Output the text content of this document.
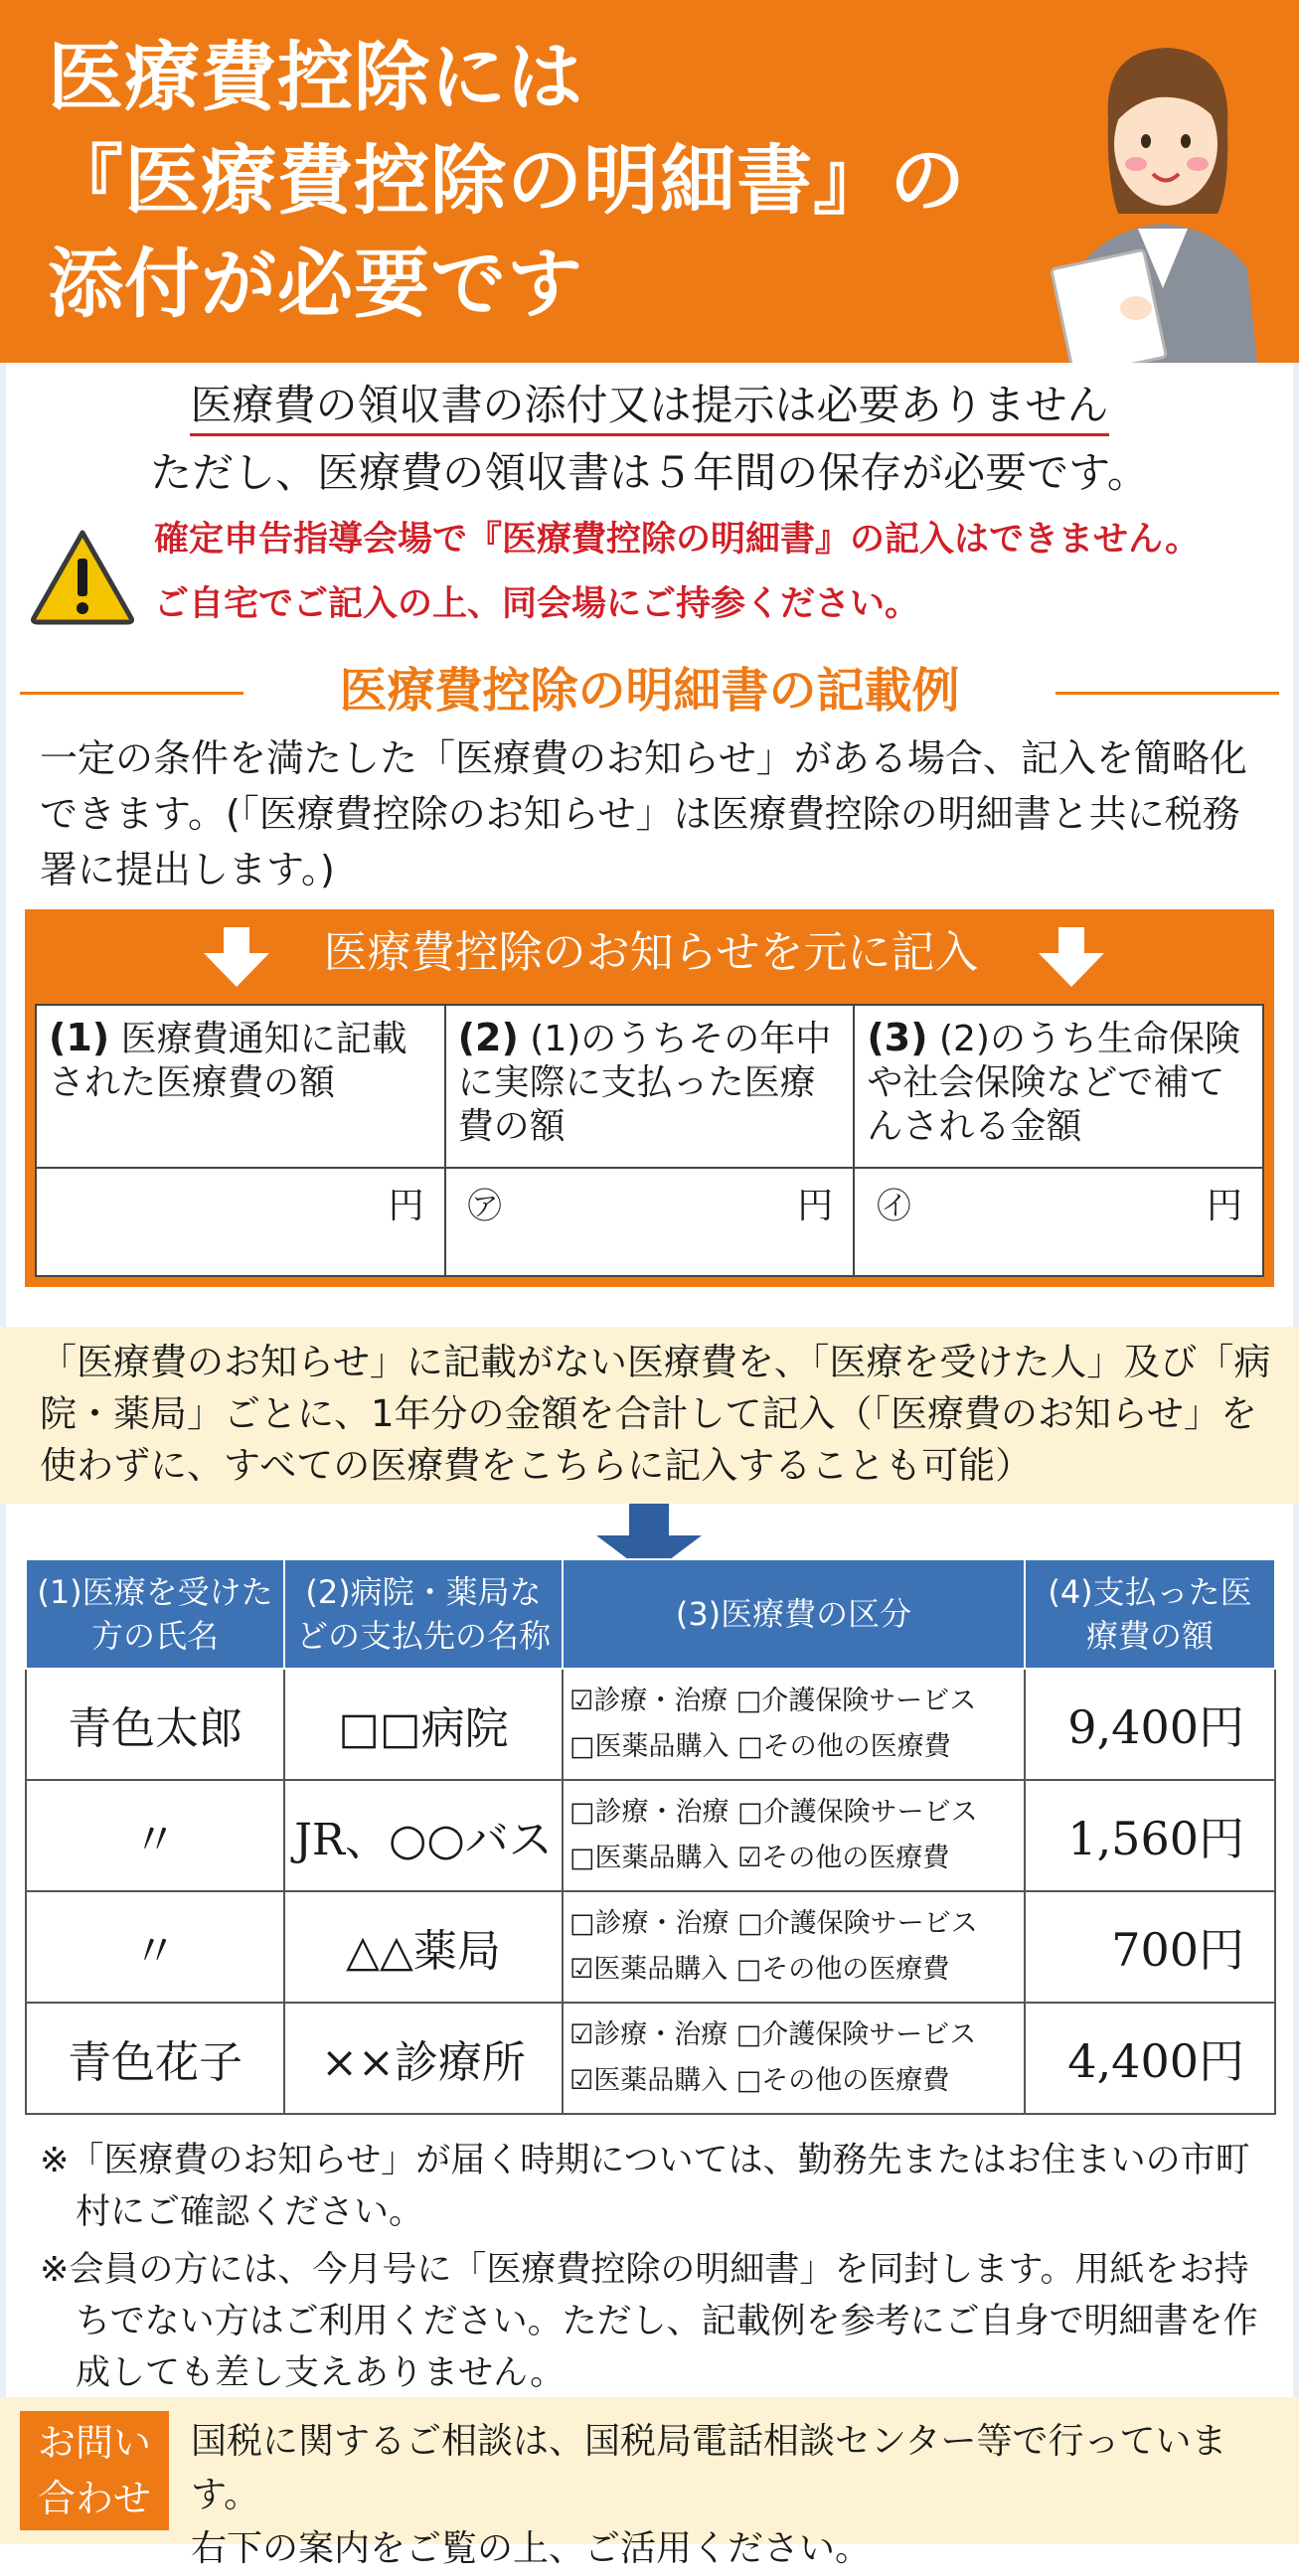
医療費控除には
『医療費控除の明細書』の
添付が必要です
医療費の領収書の添付又は提示は必要ありません
ただし、医療費の領収書は５年間の保存が必要です。
確定申告指導会場で『医療費控除の明細書』の記入はできません。
ご自宅でご記入の上、同会場にご持参ください。
医療費控除の明細書の記載例
一定の条件を満たした「医療費のお知らせ」がある場合、記入を簡略化できます。(「医療費控除のお知らせ」は医療費控除の明細書と共に税務署に提出します。)
医療費控除のお知らせを元に記入
(1) 医療費通知に記載された医療費の額	(2) (1)のうちその年中に実際に支払った医療費の額	(3) (2)のうち生命保険や社会保険などで補てんされる金額

円	㋐ 円	㋑ 円
「医療費のお知らせ」に記載がない医療費を、「医療を受けた人」及び「病院・薬局」ごとに、1年分の金額を合計して記入（「医療費のお知らせ」を使わずに、すべての医療費をこちらに記入することも可能）
(1)医療を受けた方の氏名	(2)病院・薬局などの支払先の名称	(3)医療費の区分	(4)支払った医療費の額
青色太郎	□□病院	☑診療・治療 □介護保険サービス
□医薬品購入 □その他の医療費	9,400円
〃	JR、○○バス	□診療・治療 □介護保険サービス
□医薬品購入 ☑その他の医療費	1,560円
〃	△△薬局	□診療・治療 □介護保険サービス
☑医薬品購入 □その他の医療費	700円
青色花子	××診療所	☑診療・治療 □介護保険サービス
☑医薬品購入 □その他の医療費	4,400円
※「医療費のお知らせ」が届く時期については、勤務先またはお住まいの市町村にご確認ください。
※会員の方には、今月号に「医療費控除の明細書」を同封します。用紙をお持ちでない方はご利用ください。ただし、記載例を参考にご自身で明細書を作成しても差し支えありません。
お問い
合わせ
国税に関するご相談は、国税局電話相談センター等で行っています。
右下の案内をご覧の上、ご活用ください。
